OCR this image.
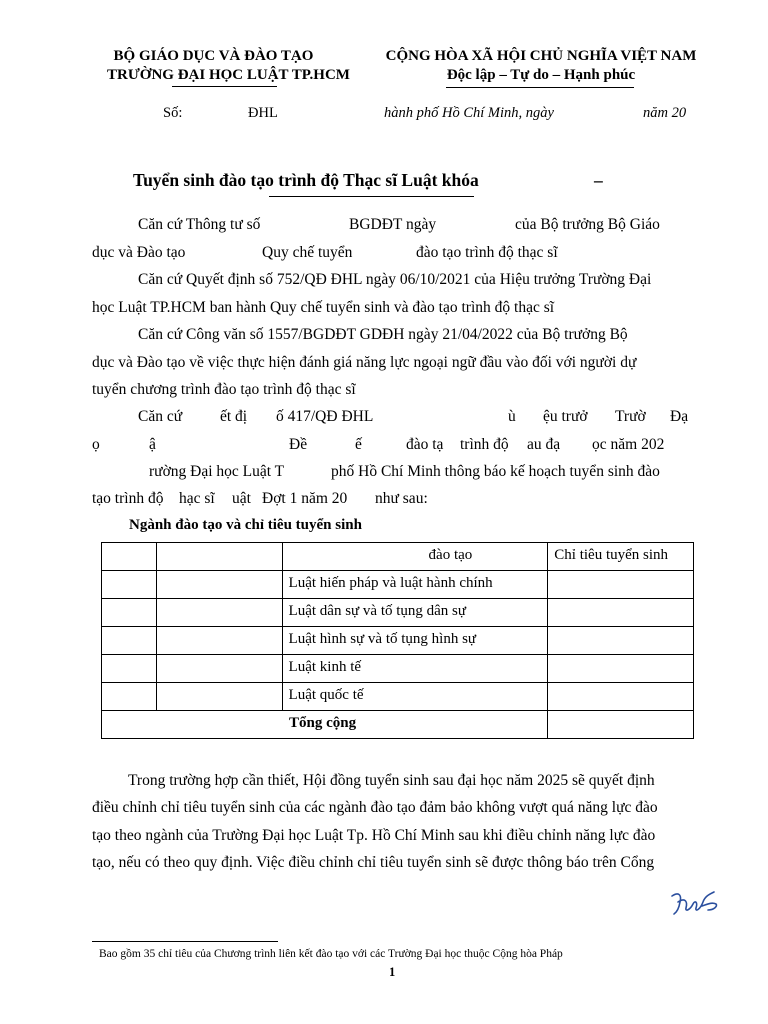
BỘ GIÁO DỤC VÀ ĐÀO TẠO
TRƯỜNG ĐẠI HỌC LUẬT TP.HCM
CỘNG HÒA XÃ HỘI CHỦ NGHĨA VIỆT NAM
Độc lập – Tự do – Hạnh phúc
Số:	ĐHL	hành phố Hồ Chí Minh, ngày	năm 20
Tuyển sinh đào tạo trình độ Thạc sĩ Luật khóa	–
Căn cứ Thông tư số	BGDĐT ngày	của Bộ trưởng Bộ Giáo
dục và Đào tạo	Quy chế tuyển	đào tạo trình độ thạc sĩ
Căn cứ Quyết định số 752/QĐ ĐHL ngày 06/10/2021 của Hiệu trưởng Trường Đại
học Luật TP.HCM ban hành Quy chế tuyển sinh và đào tạo trình độ thạc sĩ
Căn cứ Công văn số 1557/BGDĐT GDĐH ngày 21/04/2022 của Bộ trưởng Bộ
dục và Đào tạo về việc thực hiện đánh giá năng lực ngoại ngữ đầu vào đối với người dự
tuyển chương trình đào tạo trình độ thạc sĩ
Căn cứ ết đị ố 417/QĐ ĐHL	ù ệu trưở Trườ Đạ
ọ	ậ	Đề	ế	đào tạ trình độ au đạ ọc năm 202
rường Đại học Luật T	phố Hồ Chí Minh thông báo kế hoạch tuyển sinh đào
tạo trình độ hạc sĩ uật Đợt 1 năm 20 như sau:
Ngành đào tạo và chỉ tiêu tuyển sinh
		đào tạo	Chỉ tiêu tuyển sinh
		Luật hiến pháp và luật hành chính	
		Luật dân sự và tố tụng dân sự	
		Luật hình sự và tố tụng hình sự	
		Luật kinh tế	
		Luật quốc tế	
Tổng cộng			
Trong trường hợp cần thiết, Hội đồng tuyển sinh sau đại học năm 2025 sẽ quyết định
điều chỉnh chỉ tiêu tuyển sinh của các ngành đào tạo đảm bảo không vượt quá năng lực đào
tạo theo ngành của Trường Đại học Luật Tp. Hồ Chí Minh sau khi điều chỉnh năng lực đào
tạo, nếu có theo quy định. Việc điều chỉnh chỉ tiêu tuyển sinh sẽ được thông báo trên Cổng
Bao gồm 35 chỉ tiêu của Chương trình liên kết đào tạo với các Trường Đại học thuộc Cộng hòa Pháp
1
